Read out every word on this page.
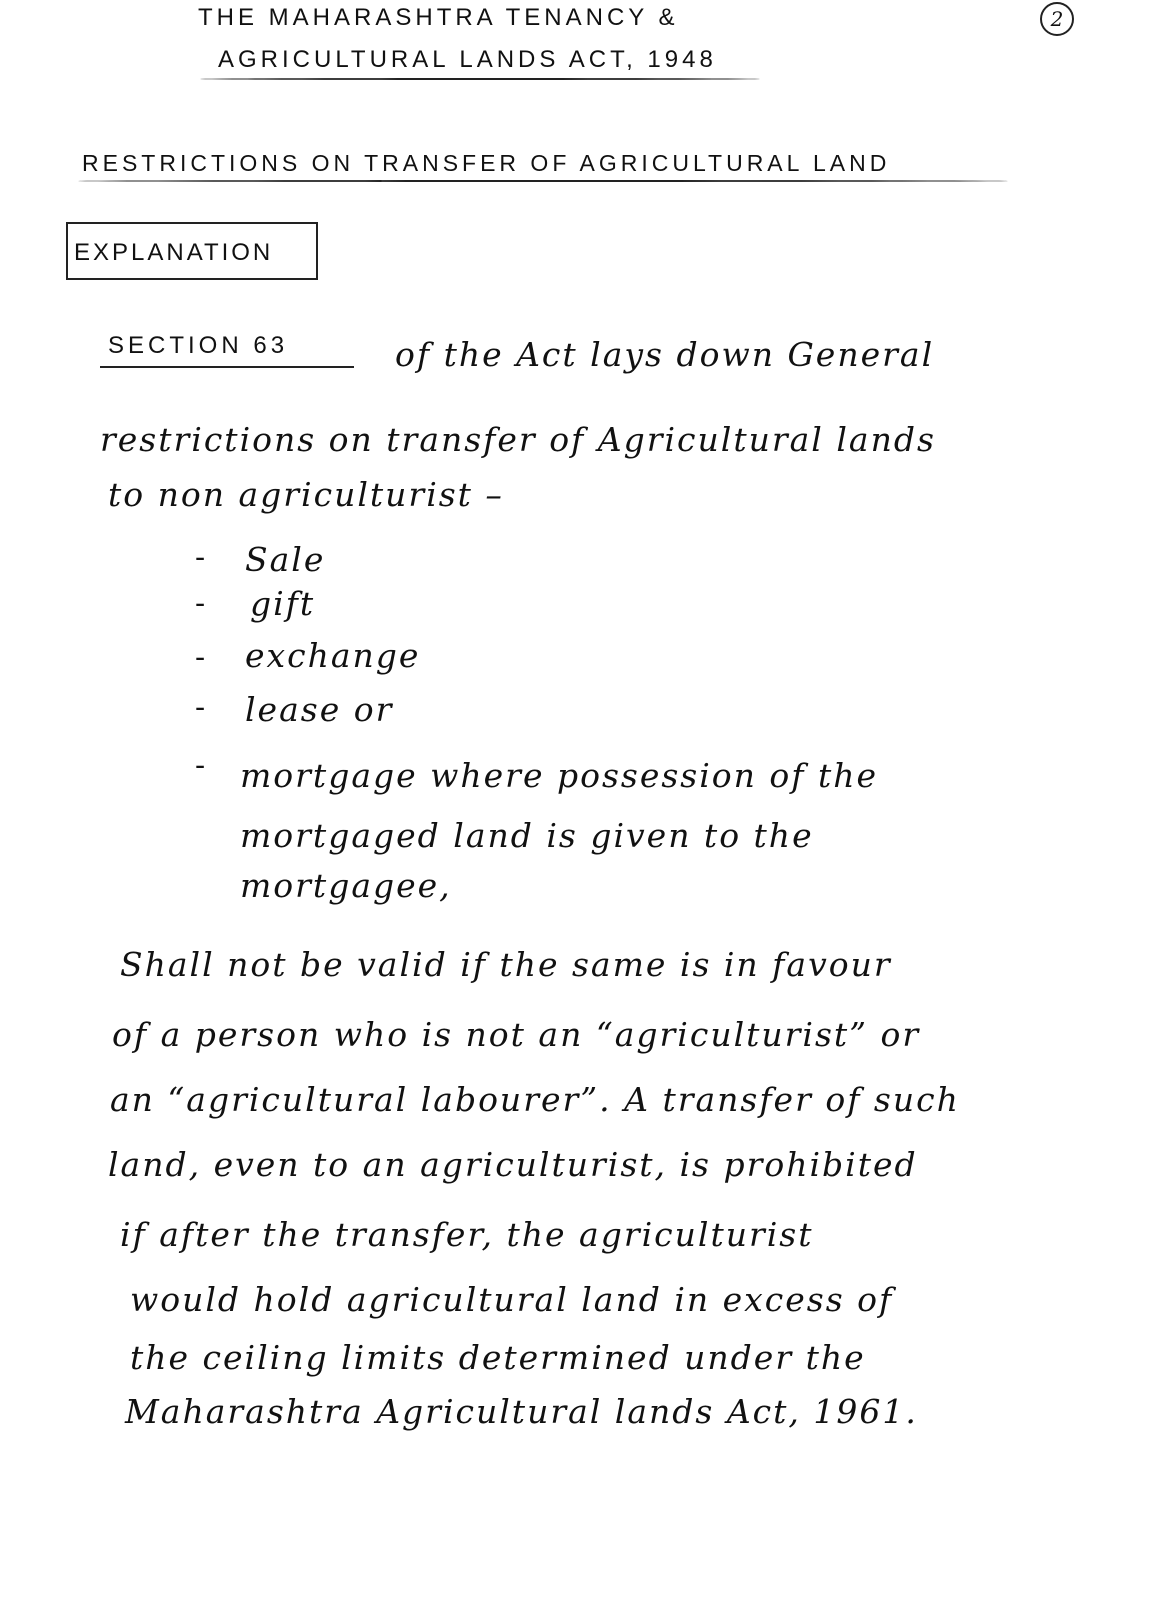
2
THE MAHARASHTRA TENANCY &
AGRICULTURAL LANDS ACT, 1948
RESTRICTIONS ON TRANSFER OF AGRICULTURAL LAND
EXPLANATION
SECTION 63	of the Act lays down General
restrictions on transfer of Agricultural lands
to non agriculturist –
- Sale
- gift
- exchange
- lease or
- mortgage where possession of the
mortgaged land is given to the
mortgagee,
Shall not be valid if the same is in favour
of a person who is not an “agriculturist” or
an “agricultural labourer”. A transfer of such
land, even to an agriculturist, is prohibited
if after the transfer, the agriculturist
would hold agricultural land in excess of
the ceiling limits determined under the
Maharashtra Agricultural lands Act, 1961.
